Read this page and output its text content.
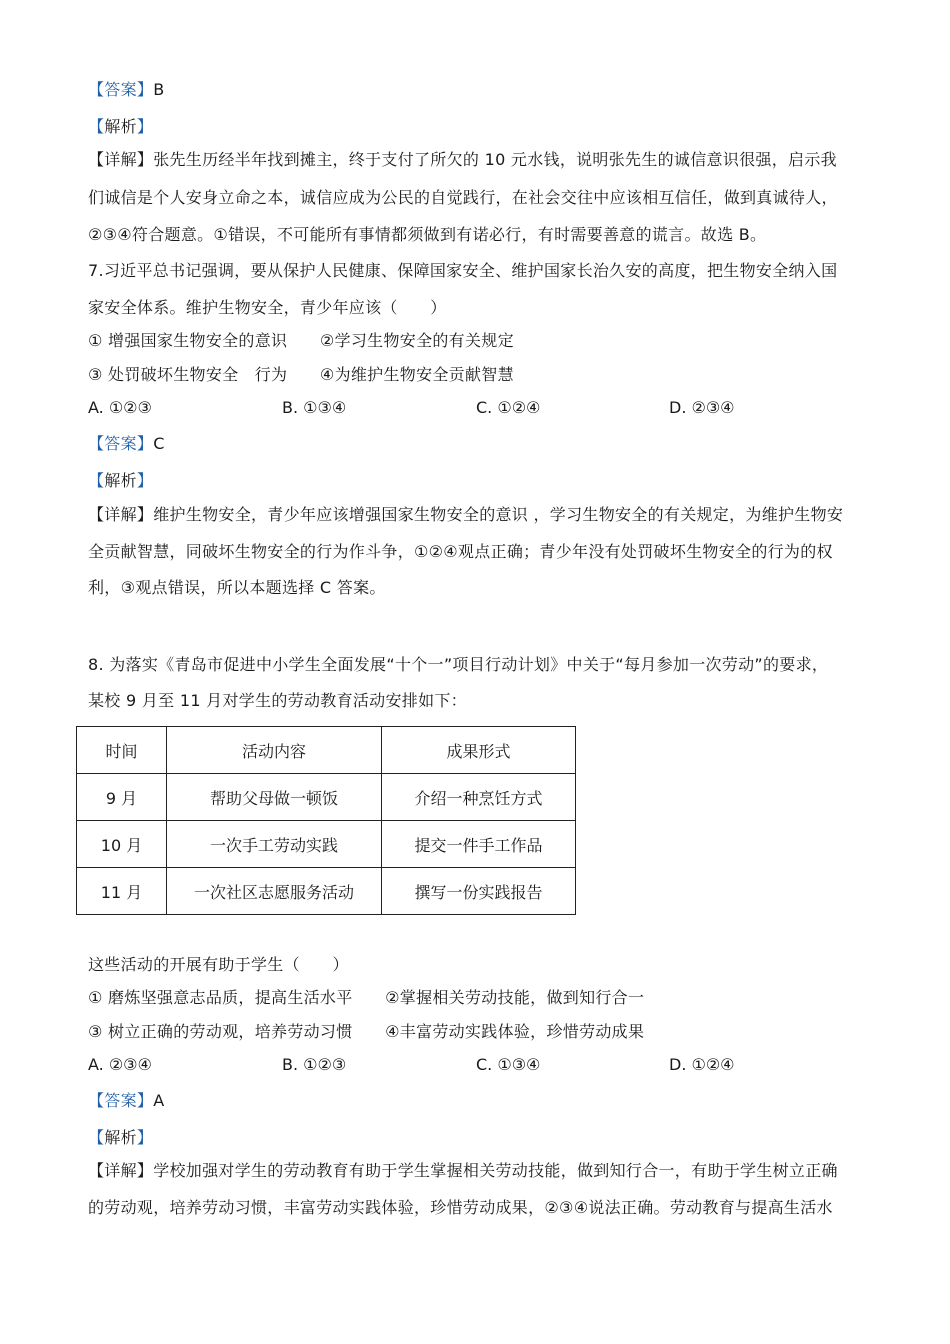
【答案】B
【解析】
【详解】张先生历经半年找到摊主，终于支付了所欠的 10 元水钱，说明张先生的诚信意识很强，启示我
们诚信是个人安身立命之本，诚信应成为公民的自觉践行，在社会交往中应该相互信任，做到真诚待人，
②③④符合题意。①错误，不可能所有事情都须做到有诺必行，有时需要善意的谎言。故选 B。
7.习近平总书记强调，要从保护人民健康、保障国家安全、维护国家长治久安的高度，把生物安全纳入国
家安全体系。维护生物安全，青少年应该（　　）
① 增强国家生物安全的意识　　②学习生物安全的有关规定
③ 处罚破坏生物安全　行为　　④为维护生物安全贡献智慧
A. ①②③	B. ①③④	C. ①②④	D. ②③④
【答案】C
【解析】
【详解】维护生物安全，青少年应该增强国家生物安全的意识 ，学习生物安全的有关规定，为维护生物安
全贡献智慧，同破坏生物安全的行为作斗争，①②④观点正确；青少年没有处罚破坏生物安全的行为的权
利，③观点错误，所以本题选择 C 答案。
8. 为落实《青岛市促进中小学生全面发展“十个一”项目行动计划》中关于“每月参加一次劳动”的要求，
某校 9 月至 11 月对学生的劳动教育活动安排如下：
时间	活动内容	成果形式
9 月	帮助父母做一顿饭	介绍一种烹饪方式
10 月	一次手工劳动实践	提交一件手工作品
11 月	一次社区志愿服务活动	撰写一份实践报告
这些活动的开展有助于学生（　　）
① 磨炼坚强意志品质，提高生活水平　　②掌握相关劳动技能，做到知行合一
③ 树立正确的劳动观，培养劳动习惯　　④丰富劳动实践体验，珍惜劳动成果
A. ②③④	B. ①②③	C. ①③④	D. ①②④
【答案】A
【解析】
【详解】学校加强对学生的劳动教育有助于学生掌握相关劳动技能，做到知行合一，有助于学生树立正确
的劳动观，培养劳动习惯，丰富劳动实践体验，珍惜劳动成果，②③④说法正确。劳动教育与提高生活水
